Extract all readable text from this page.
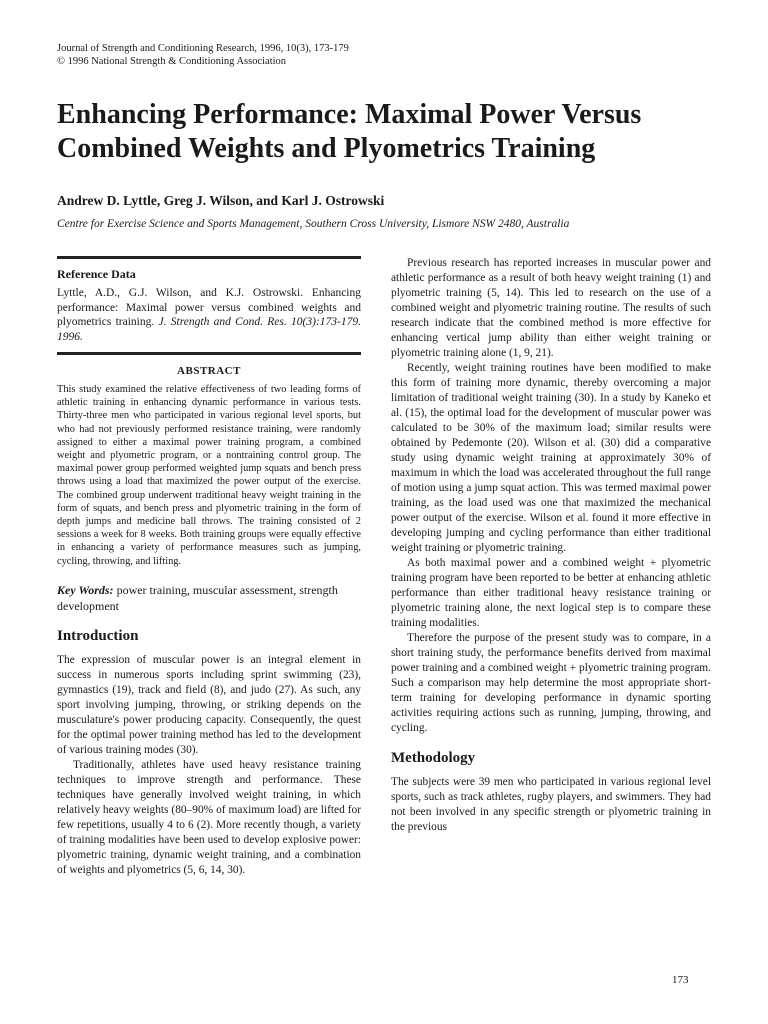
Journal of Strength and Conditioning Research, 1996, 10(3), 173-179
© 1996 National Strength & Conditioning Association
Enhancing Performance: Maximal Power Versus Combined Weights and Plyometrics Training
Andrew D. Lyttle, Greg J. Wilson, and Karl J. Ostrowski
Centre for Exercise Science and Sports Management, Southern Cross University, Lismore NSW 2480, Australia
Reference Data

Lyttle, A.D., G.J. Wilson, and K.J. Ostrowski. Enhancing performance: Maximal power versus combined weights and plyometrics training. J. Strength and Cond. Res. 10(3):173-179. 1996.

ABSTRACT

This study examined the relative effectiveness of two leading forms of athletic training in enhancing dynamic performance in various tests. Thirty-three men who participated in various regional level sports, but who had not previously performed resistance training, were randomly assigned to either a maximal power training program, a combined weight and plyometric program, or a nontraining control group. The maximal power group performed weighted jump squats and bench press throws using a load that maximized the power output of the exercise. The combined group underwent traditional heavy weight training in the form of squats, and bench press and plyometric training in the form of depth jumps and medicine ball throws. The training consisted of 2 sessions a week for 8 weeks. Both training groups were equally effective in enhancing a variety of performance measures such as jumping, cycling, throwing, and lifting.

Key Words: power training, muscular assessment, strength development

Introduction

The expression of muscular power is an integral element in success in numerous sports including sprint swimming (23), gymnastics (19), track and field (8), and judo (27). As such, any sport involving jumping, throwing, or striking depends on the musculature's power producing capacity. Consequently, the quest for the optimal power training method has led to the development of various training modes (30).

Traditionally, athletes have used heavy resistance training techniques to improve strength and performance. These techniques have generally involved weight training, in which relatively heavy weights (80–90% of maximum load) are lifted for few repetitions, usually 4 to 6 (2). More recently though, a variety of training modalities have been used to develop explosive power: plyometric training, dynamic weight training, and a combination of weights and plyometrics (5, 6, 14, 30).

Previous research has reported increases in muscular power and athletic performance as a result of both heavy weight training (1) and plyometric training (5, 14). This led to research on the use of a combined weight and plyometric training routine. The results of such research indicate that the combined method is more effective for enhancing vertical jump ability than either weight training or plyometric training alone (1, 9, 21).

Recently, weight training routines have been modified to make this form of training more dynamic, thereby overcoming a major limitation of traditional weight training (30). In a study by Kaneko et al. (15), the optimal load for the development of muscular power was calculated to be 30% of the maximum load; similar results were obtained by Pedemonte (20). Wilson et al. (30) did a comparative study using dynamic weight training at approximately 30% of maximum in which the load was accelerated throughout the full range of motion using a jump squat action. This was termed maximal power training, as the load used was one that maximized the mechanical power output of the exercise. Wilson et al. found it more effective in developing jumping and cycling performance than either traditional weight training or plyometric training.

As both maximal power and a combined weight + plyometric training program have been reported to be better at enhancing athletic performance than either traditional heavy resistance training or plyometric training alone, the next logical step is to compare these training modalities.

Therefore the purpose of the present study was to compare, in a short training study, the performance benefits derived from maximal power training and a combined weight + plyometric training program. Such a comparison may help determine the most appropriate short-term training for developing performance in dynamic sporting activities requiring actions such as running, jumping, throwing, and cycling.

Methodology

The subjects were 39 men who participated in various regional level sports, such as track athletes, rugby players, and swimmers. They had not been involved in any specific strength or plyometric training in the previous

173
